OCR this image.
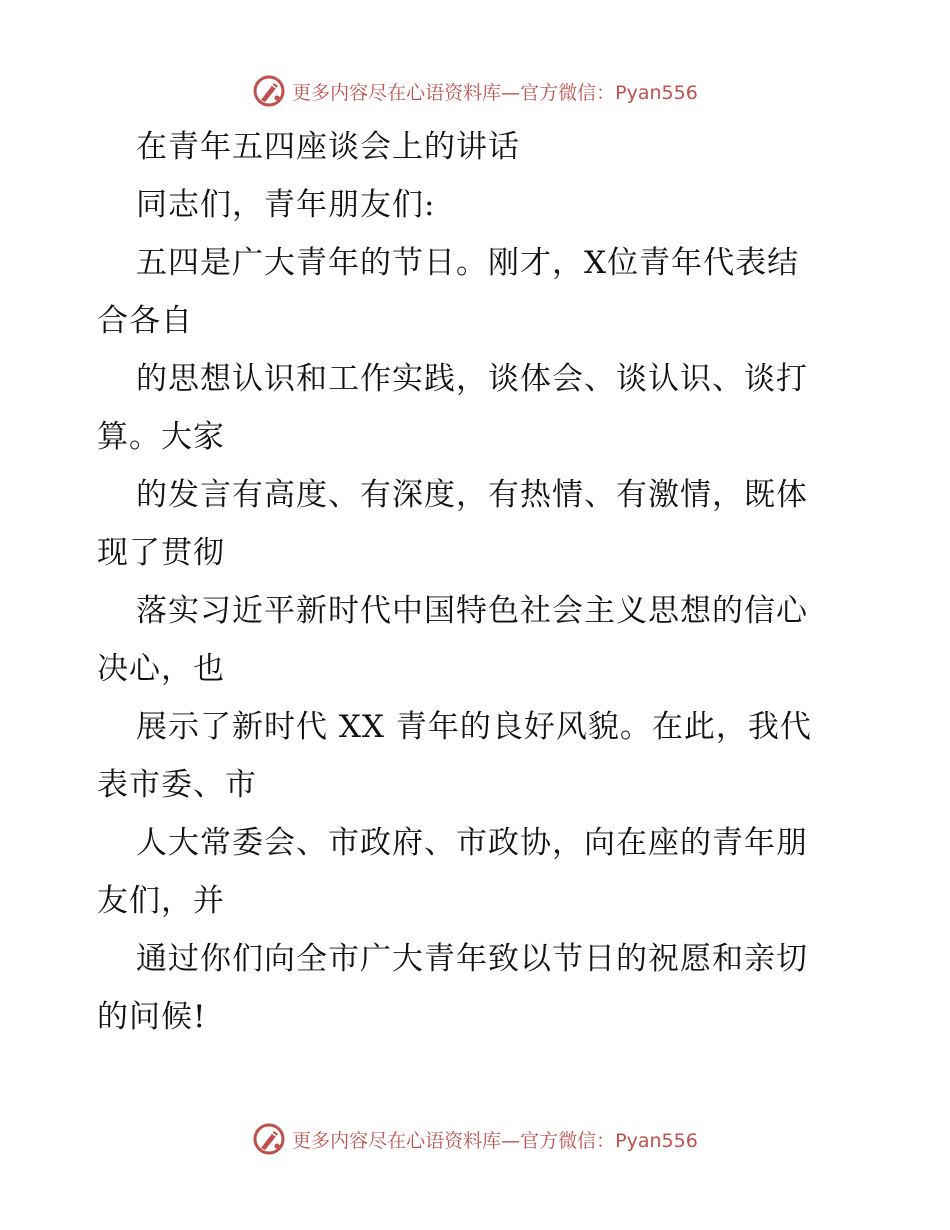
更多内容尽在心语资料库—官方微信：Pyan556
在青年五四座谈会上的讲话
同志们，青年朋友们:
五四是广大青年的节日。刚才，X位青年代表结
合各自
的思想认识和工作实践，谈体会、谈认识、谈打
算。大家
的发言有高度、有深度，有热情、有激情，既体
现了贯彻
落实习近平新时代中国特色社会主义思想的信心
决心，也
展示了新时代 XX 青年的良好风貌。在此，我代
表市委、市
人大常委会、市政府、市政协，向在座的青年朋
友们，并
通过你们向全市广大青年致以节日的祝愿和亲切
的问候!
更多内容尽在心语资料库—官方微信：Pyan556
